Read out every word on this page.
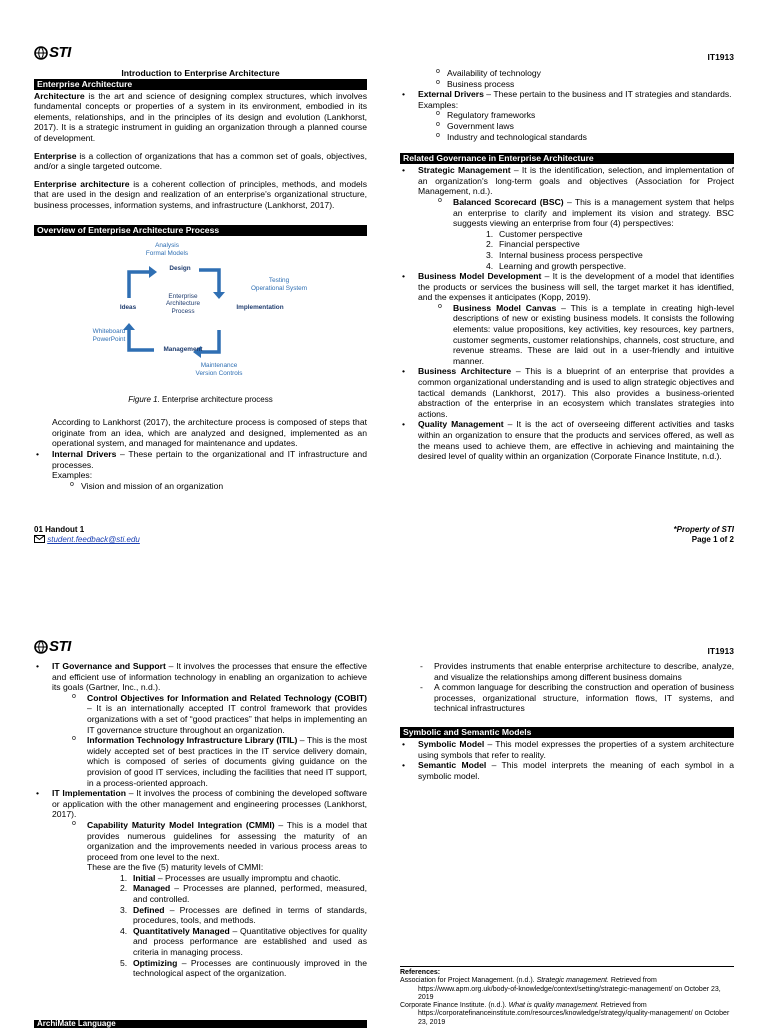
STI	IT1913
Introduction to Enterprise Architecture
Enterprise Architecture

Architecture is the art and science of designing complex structures, which involves fundamental concepts or properties of a system in its environment, embodied in its elements, relationships, and in the principles of its design and evolution (Lankhorst, 2017). It is a strategic instrument in guiding an organization through a planned course of development.

Enterprise is a collection of organizations that has a common set of goals, objectives, and/or a single targeted outcome.

Enterprise architecture is a coherent collection of principles, methods, and models that are used in the design and realization of an enterprise's organizational structure, business processes, information systems, and infrastructure (Lankhorst, 2017).

Overview of Enterprise Architecture Process
Analysis
Formal Models
Design
Testing
Operational System
Ideas
Enterprise Architecture Process
Implementation
Whiteboard
PowerPoint
Management
Maintenance
Version Controls
Figure 1. Enterprise architecture process

According to Lankhorst (2017), the architecture process is composed of steps that originate from an idea, which are analyzed and designed, implemented as an operational system, and managed for maintenance and updates.

• Internal Drivers – These pertain to the organizational and IT infrastructure and processes.
Examples:
o Vision and mission of an organization
o Availability of technology
o Business process
• External Drivers – These pertain to the business and IT strategies and standards.
Examples:
o Regulatory frameworks
o Government laws
o Industry and technological standards
Related Governance in Enterprise Architecture
• Strategic Management – It is the identification, selection, and implementation of an organization's long-term goals and objectives (Association for Project Management, n.d.).
o Balanced Scorecard (BSC) – This is a management system that helps an enterprise to clarify and implement its vision and strategy. BSC suggests viewing an enterprise from four (4) perspectives:
1. Customer perspective
2. Financial perspective
3. Internal business process perspective
4. Learning and growth perspective.
• Business Model Development – It is the development of a model that identifies the products or services the business will sell, the target market it has identified, and the expenses it anticipates (Kopp, 2019).
o Business Model Canvas – This is a template in creating high-level descriptions of new or existing business models. It consists the following elements: value propositions, key activities, key resources, key partners, customer segments, customer relationships, channels, cost structure, and revenue streams. These are laid out in a user-friendly and intuitive manner.
• Business Architecture – This is a blueprint of an enterprise that provides a common organizational understanding and is used to align strategic objectives and tactical demands (Lankhorst, 2017). This also provides a business-oriented abstraction of the enterprise in an ecosystem which translates strategies into actions.
• Quality Management – It is the act of overseeing different activities and tasks within an organization to ensure that the products and services offered, as well as the means used to achieve them, are effective in achieving and maintaining the desired level of quality within an organization (Corporate Finance Institute, n.d.).
01 Handout 1
student.feedback@sti.edu
*Property of STI
Page 1 of 2
STI	IT1913
• IT Governance and Support – It involves the processes that ensure the effective and efficient use of information technology in enabling an organization to achieve its goals (Gartner, Inc., n.d.).
o Control Objectives for Information and Related Technology (COBIT) – It is an internationally accepted IT control framework that provides organizations with a set of “good practices” that helps in implementing an IT governance structure throughout an organization.
o Information Technology Infrastructure Library (ITIL) – This is the most widely accepted set of best practices in the IT service delivery domain, which is composed of series of documents giving guidance on the provision of good IT services, including the facilities that need IT support, in a process-oriented approach.
• IT Implementation – It involves the process of combining the developed software or application with the other management and engineering processes (Lankhorst, 2017).
o Capability Maturity Model Integration (CMMI) – This is a model that provides numerous guidelines for assessing the maturity of an organization and the improvements needed in various process areas to proceed from one level to the next.
These are the five (5) maturity levels of CMMI:
1. Initial – Processes are usually impromptu and chaotic.
2. Managed – Processes are planned, performed, measured, and controlled.
3. Defined – Processes are defined in terms of standards, procedures, tools, and methods.
4. Quantitatively Managed – Quantitative objectives for quality and process performance are established and used as criteria in managing process.
5. Optimizing – Processes are continuously improved in the technological aspect of the organization.
- Provides instruments that enable enterprise architecture to describe, analyze, and visualize the relationships among different business domains
- A common language for describing the construction and operation of business processes, organizational structure, information flows, IT systems, and technical infrastructures
Symbolic and Semantic Models
• Symbolic Model – This model expresses the properties of a system architecture using symbols that refer to reality.
• Semantic Model – This model interprets the meaning of each symbol in a symbolic model.
References:
Association for Project Management. (n.d.). Strategic management. Retrieved from https://www.apm.org.uk/body-of-knowledge/context/setting/strategic-management/ on October 23, 2019
Corporate Finance Institute. (n.d.). What is quality management. Retrieved from https://corporatefinanceinstitute.com/resources/knowledge/strategy/quality-management/ on October 23, 2019
ArchiMate Language
